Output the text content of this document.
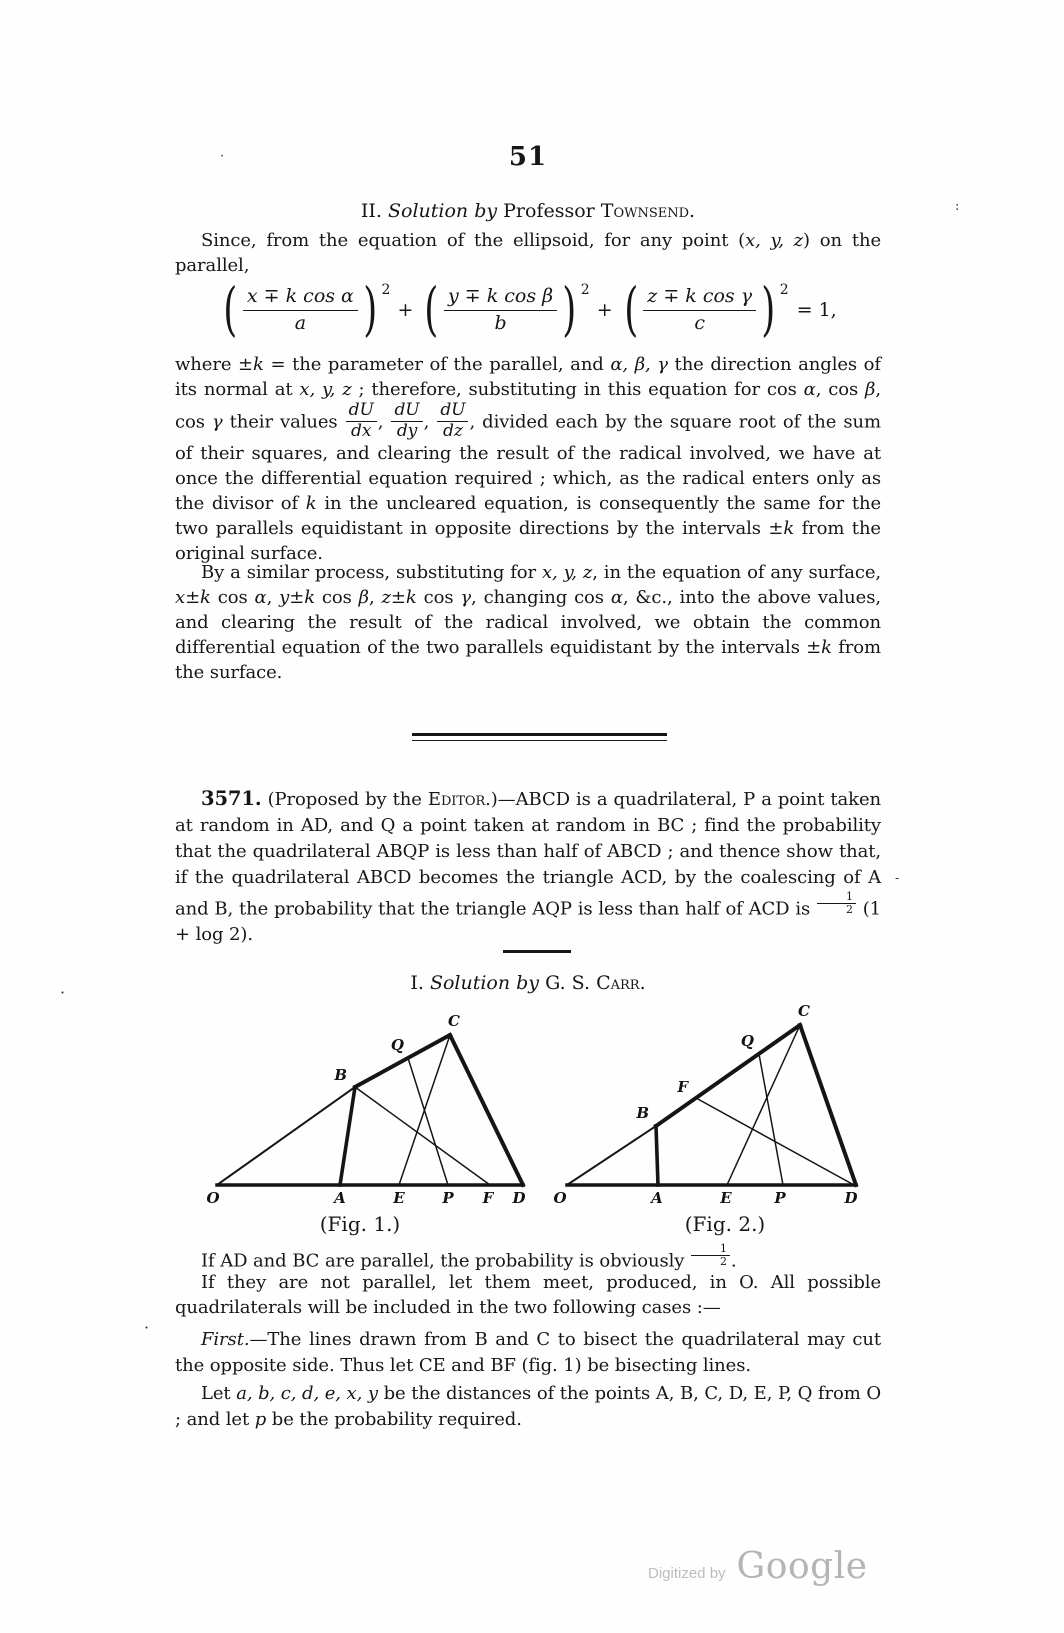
51
II. Solution by Professor Townsend.
Since, from the equation of the ellipsoid, for any point (x, y, z) on the parallel,
( $\frac{\text{x ∓ k cos α}}{a}$ ) 2
+ ( $\frac{\text{y ∓ k cos β}}{b}$ ) 2
+ ( $\frac{\text{z ∓ k cos γ}}{c}$ ) 2
= 1,
where ±k = the parameter of the parallel, and α, β, γ the direction angles of its normal at x, y, z ; therefore, substituting in this equation for cos α, cos β, cos γ their values $\frac{dU}{dx}$ , $\frac{dU}{dy}$ , $\frac{dU}{dz}$ , divided each by the square root of the sum of their squares, and clearing the result of the radical involved, we have at once the differential equation required ; which, as the radical enters only as the divisor of k in the uncleared equation, is consequently the same for the two parallels equidistant in opposite directions by the intervals ±k from the original surface.
By a similar process, substituting for x, y, z, in the equation of any surface, x±k cos α, y±k cos β, z±k cos γ, changing cos α, &c., into the above values, and clearing the result of the radical involved, we obtain the common differential equation of the two parallels equidistant by the intervals ±k from the surface.
3571. (Proposed by the Editor.)—ABCD is a quadrilateral, P a point taken at random in AD, and Q a point taken at random in BC ; find the probability that the quadrilateral ABQP is less than half of ABCD ; and thence show that, if the quadrilateral ABCD becomes the triangle ACD, by the coalescing of A and B, the probability that the triangle AQP is less than half of ACD is $\frac{1}{2} (1 + \log 2)$.
I. Solution by G. S. Carr.
O	A	E	P F D
B
C
Q
O	A	E	P	D
B
F
Q
C
(Fig. 1.)	(Fig. 2.)
If AD and BC are parallel, the probability is obviously $\frac{1}{2}$ .
If they are not parallel, let them meet, produced, in O. All possible quadrilaterals will be included in the two following cases :—
First.—The lines drawn from B and C to bisect the quadrilateral may cut the opposite side. Thus let CE and BF (fig. 1) be bisecting lines.
Let a, b, c, d, e, x, y be the distances of the points A, B, C, D, E, P, Q from O ; and let p be the probability required.
Digitized by Google
:
·
·
-
·
